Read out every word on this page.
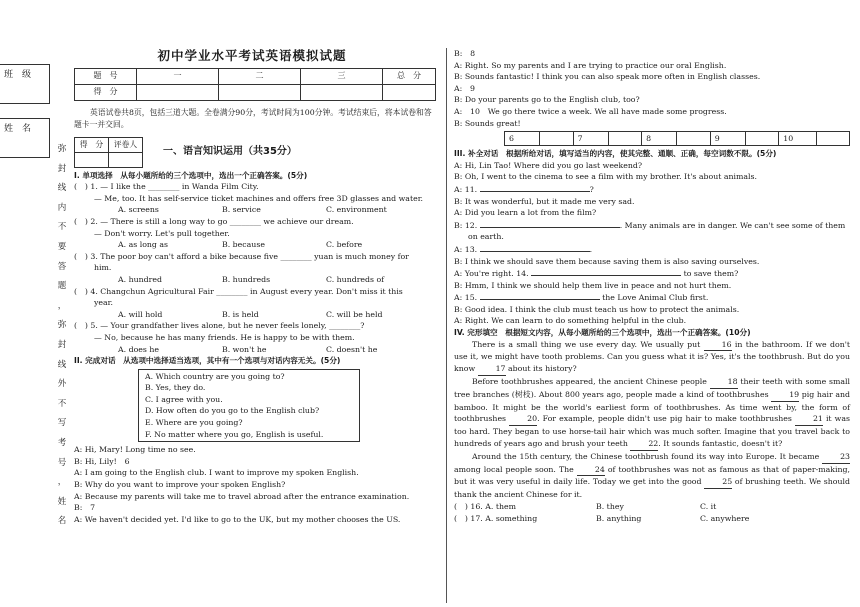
班　级
姓　名
弥
封
线
内
不
要
答
题
，
弥
封
线
外
不
写
考
号
，
姓
名
初中学业水平考试英语模拟试题
题　号	一	二	三	总　分
得　分				
英语试卷共8页，包括三道大题。全卷满分90分，考试时间为100分钟。考试结束后，将本试卷和答题卡一并交回。
得　分	评卷人

一、语言知识运用（共35分）
I. 单项选择　从每小题所给的三个选项中，选出一个正确答案。(5分)
(　) 1. — I like the ________ in Wanda Film City.
— Me, too. It has self-service ticket machines and offers free 3D glasses and water.
A. screens	B. service	C. environment
(　) 2. — There is still a long way to go ________ we achieve our dream.
— Don't worry. Let's pull together.
A. as long as	B. because	C. before
(　) 3. The poor boy can't afford a bike because five ________ yuan is much money for
him.
A. hundred	B. hundreds	C. hundreds of
(　) 4. Changchun Agricultural Fair ________ in August every year. Don't miss it this
year.
A. will hold	B. is held	C. will be held
(　) 5. — Your grandfather lives alone, but he never feels lonely, ________?
— No, because he has many friends. He is happy to be with them.
A. does he	B. won't he	C. doesn't he
II. 完成对话　从选项中选择适当选项，其中有一个选项与对话内容无关。(5分)
A. Which country are you going to?
B. Yes, they do.
C. I agree with you.
D. How often do you go to the English club?
E. Where are you going?
F. No matter where you go, English is useful.
A: Hi, Mary! Long time no see.
B: Hi, Lily!　6　
A: I am going to the English club. I want to improve my spoken English.
B: Why do you want to improve your spoken English?
A: Because my parents will take me to travel abroad after the entrance examination.
B:　7　
A: We haven't decided yet. I'd like to go to the UK, but my mother chooses the US.
B:　8　
A: Right. So my parents and I are trying to practice our oral English.
B: Sounds fantastic! I think you can also speak more often in English classes.
A:　9　
B: Do your parents go to the English club, too?
A:　10　We go there twice a week. We all have made some progress.
B: Sounds great!
6		7		8		9		10	
III. 补全对话　根据所给对话，填写适当的内容，使其完整、通顺、正确，每空词数不限。(5分)
A: Hi, Lin Tao! Where did you go last weekend?
B: Oh, I went to the cinema to see a film with my brother. It's about animals.
A: 11.	?
B: It was wonderful, but it made me very sad.
A: Did you learn a lot from the film?
B: 12.	. Many animals are in danger. We can't see some of them
on earth.
A: 13.	.
B: I think we should save them because saving them is also saving ourselves.
A: You're right. 14.	to save them?
B: Hmm, I think we should help them live in peace and not hurt them.
A: 15.	the Love Animal Club first.
B: Good idea. I think the club must teach us how to protect the animals.
A: Right. We can learn to do something helpful in the club.
IV. 完形填空　根据短文内容，从每小题所给的三个选项中，选出一个正确答案。(10分)
There is a small thing we use every day. We usually put 16 in the bathroom. If we don't use it, we might have tooth problems. Can you guess what it is? Yes, it's the toothbrush. But do you know 17 about its history?
Before toothbrushes appeared, the ancient Chinese people 18 their teeth with some small tree branches (树枝). About 800 years ago, people made a kind of toothbrushes 19 pig hair and bamboo. It might be the world's earliest form of toothbrushes. As time went by, the form of toothbrushes 20. For example, people didn't use pig hair to make toothbrushes 21 it was too hard. They began to use horse-tail hair which was much softer. Imagine that you travel back to hundreds of years ago and brush your teeth 22. It sounds fantastic, doesn't it?
Around the 15th century, the Chinese toothbrush found its way into Europe. It became 23 among local people soon. The 24 of toothbrushes was not as famous as that of paper-making, but it was very useful in daily life. Today we get into the good 25 of brushing teeth. We should thank the ancient Chinese for it.
(　) 16. A. them	B. they	C. it
(　) 17. A. something	B. anything	C. anywhere
